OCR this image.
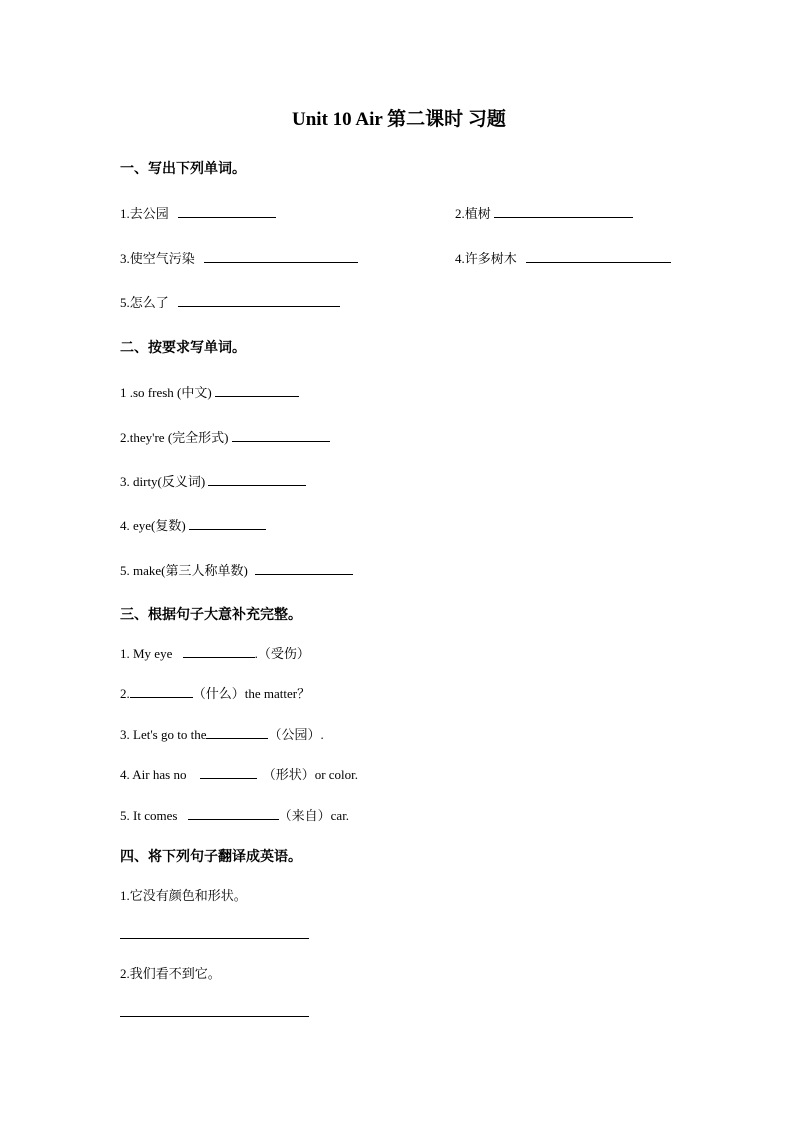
Unit 10 Air 第二课时 习题
一、写出下列单词。
1.去公园	2.植树
3.使空气污染	4.许多树木
5.怎么了
二、按要求写单词。
1 .so fresh (中文)
2.they're (完全形式)
3. dirty(反义词)
4. eye(复数)
5. make(第三人称单数)
三、根据句子大意补充完整。
1. My eye	.（受伤）
2.	（什么）the matter？
3. Let's go to the	（公园）.
4. Air has no	（形状）or color.
5. It comes	（来自）car.
四、将下列句子翻译成英语。
1.它没有颜色和形状。
2.我们看不到它。
